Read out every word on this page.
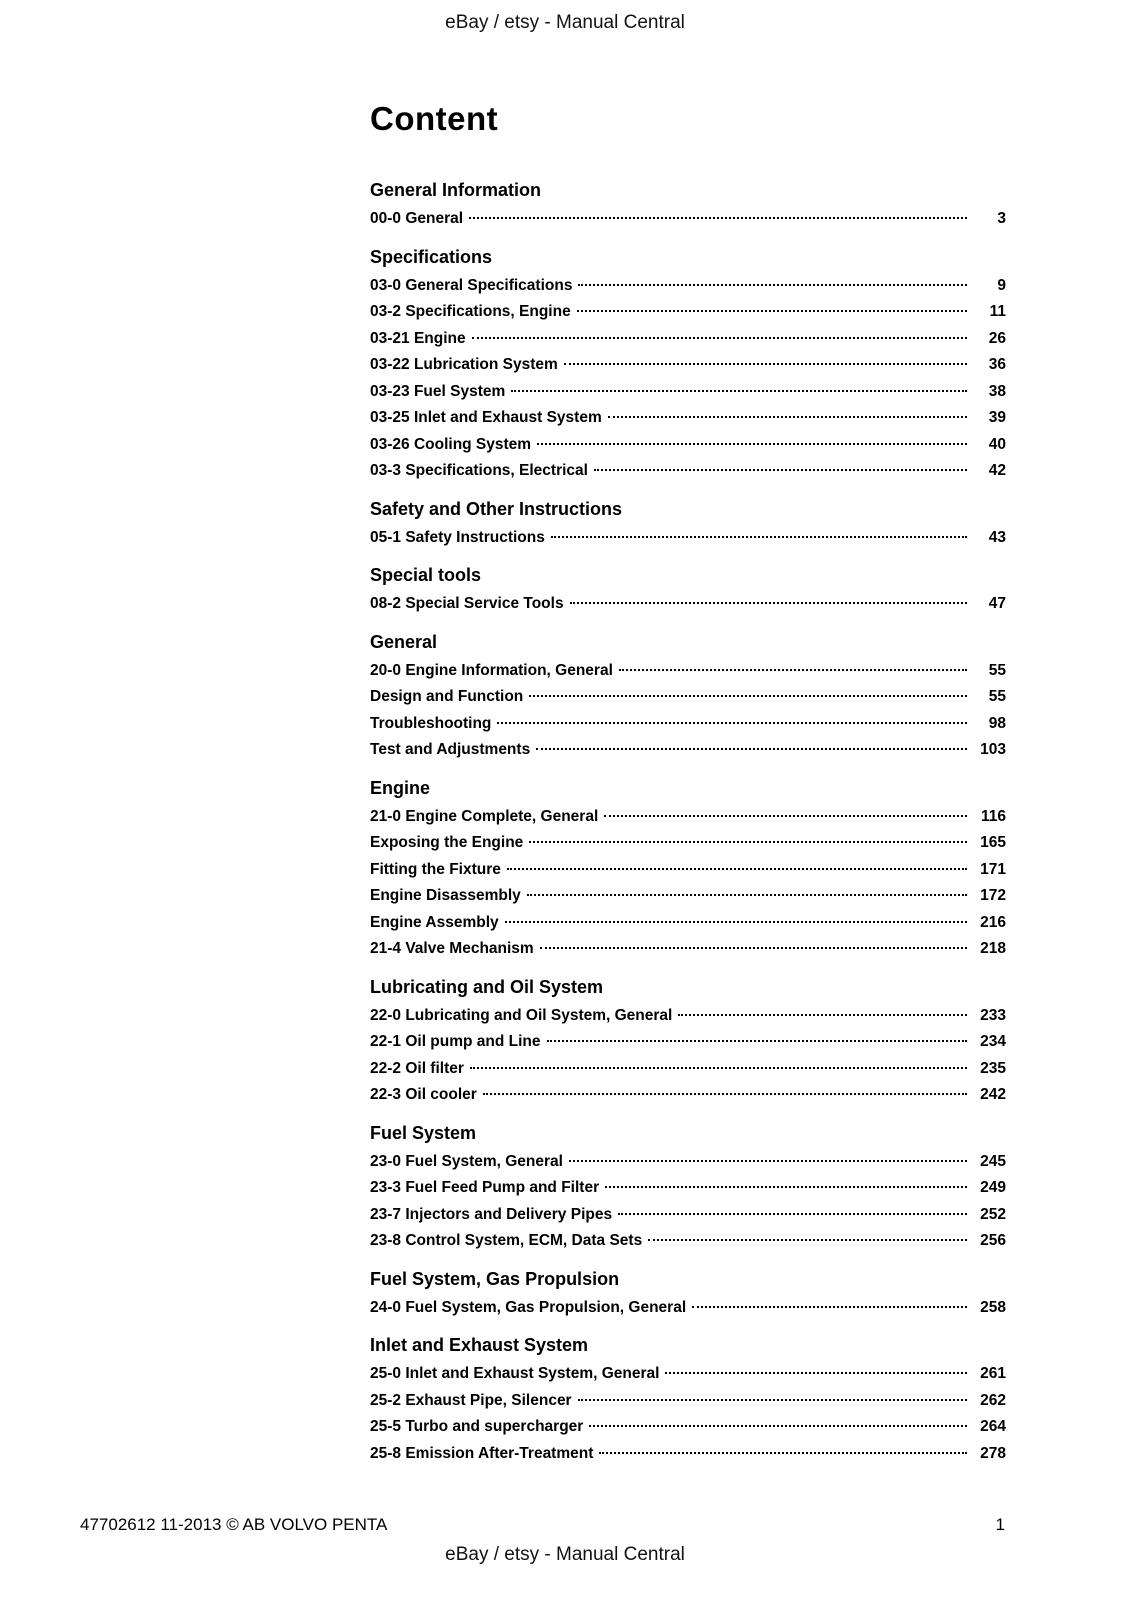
eBay / etsy - Manual Central
Content
General Information
00-0 General	3
Specifications
03-0 General Specifications	9
03-2 Specifications, Engine	11
03-21 Engine	26
03-22 Lubrication System	36
03-23 Fuel System	38
03-25 Inlet and Exhaust System	39
03-26 Cooling System	40
03-3 Specifications, Electrical	42
Safety and Other Instructions
05-1 Safety Instructions	43
Special tools
08-2 Special Service Tools	47
General
20-0 Engine Information, General	55
Design and Function	55
Troubleshooting	98
Test and Adjustments	103
Engine
21-0 Engine Complete, General	116
Exposing the Engine	165
Fitting the Fixture	171
Engine Disassembly	172
Engine Assembly	216
21-4 Valve Mechanism	218
Lubricating and Oil System
22-0 Lubricating and Oil System, General	233
22-1 Oil pump and Line	234
22-2 Oil filter	235
22-3 Oil cooler	242
Fuel System
23-0 Fuel System, General	245
23-3 Fuel Feed Pump and Filter	249
23-7 Injectors and Delivery Pipes	252
23-8 Control System, ECM, Data Sets	256
Fuel System, Gas Propulsion
24-0 Fuel System, Gas Propulsion, General	258
Inlet and Exhaust System
25-0 Inlet and Exhaust System, General	261
25-2 Exhaust Pipe, Silencer	262
25-5 Turbo and supercharger	264
25-8 Emission After-Treatment	278
47702612 11-2013 © AB VOLVO PENTA	1
eBay / etsy - Manual Central
